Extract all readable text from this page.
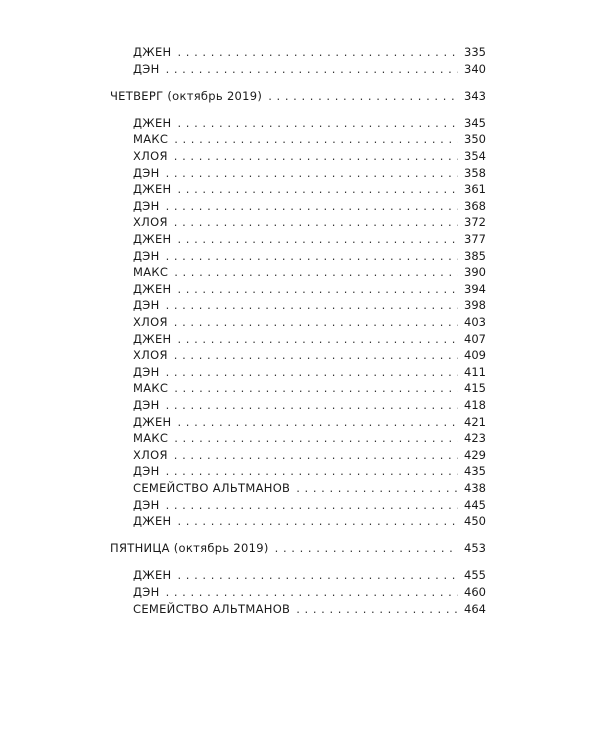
ДЖЕН . . .	335
ДЭН . . .	340
ЧЕТВЕРГ (октябрь 2019) . . .	343
ДЖЕН . . .	345
МАКС . . .	350
ХЛОЯ . . .	354
ДЭН . . .	358
ДЖЕН . . .	361
ДЭН . . .	368
ХЛОЯ . . .	372
ДЖЕН . . .	377
ДЭН . . .	385
МАКС . . .	390
ДЖЕН . . .	394
ДЭН . . .	398
ХЛОЯ . . .	403
ДЖЕН . . .	407
ХЛОЯ . . .	409
ДЭН . . .	411
МАКС . . .	415
ДЭН . . .	418
ДЖЕН . . .	421
МАКС . . .	423
ХЛОЯ . . .	429
ДЭН . . .	435
СЕМЕЙСТВО АЛЬТМАНОВ . . .	438
ДЭН . . .	445
ДЖЕН . . .	450
ПЯТНИЦА (октябрь 2019) . . .	453
ДЖЕН . . .	455
ДЭН . . .	460
СЕМЕЙСТВО АЛЬТМАНОВ . . .	464
